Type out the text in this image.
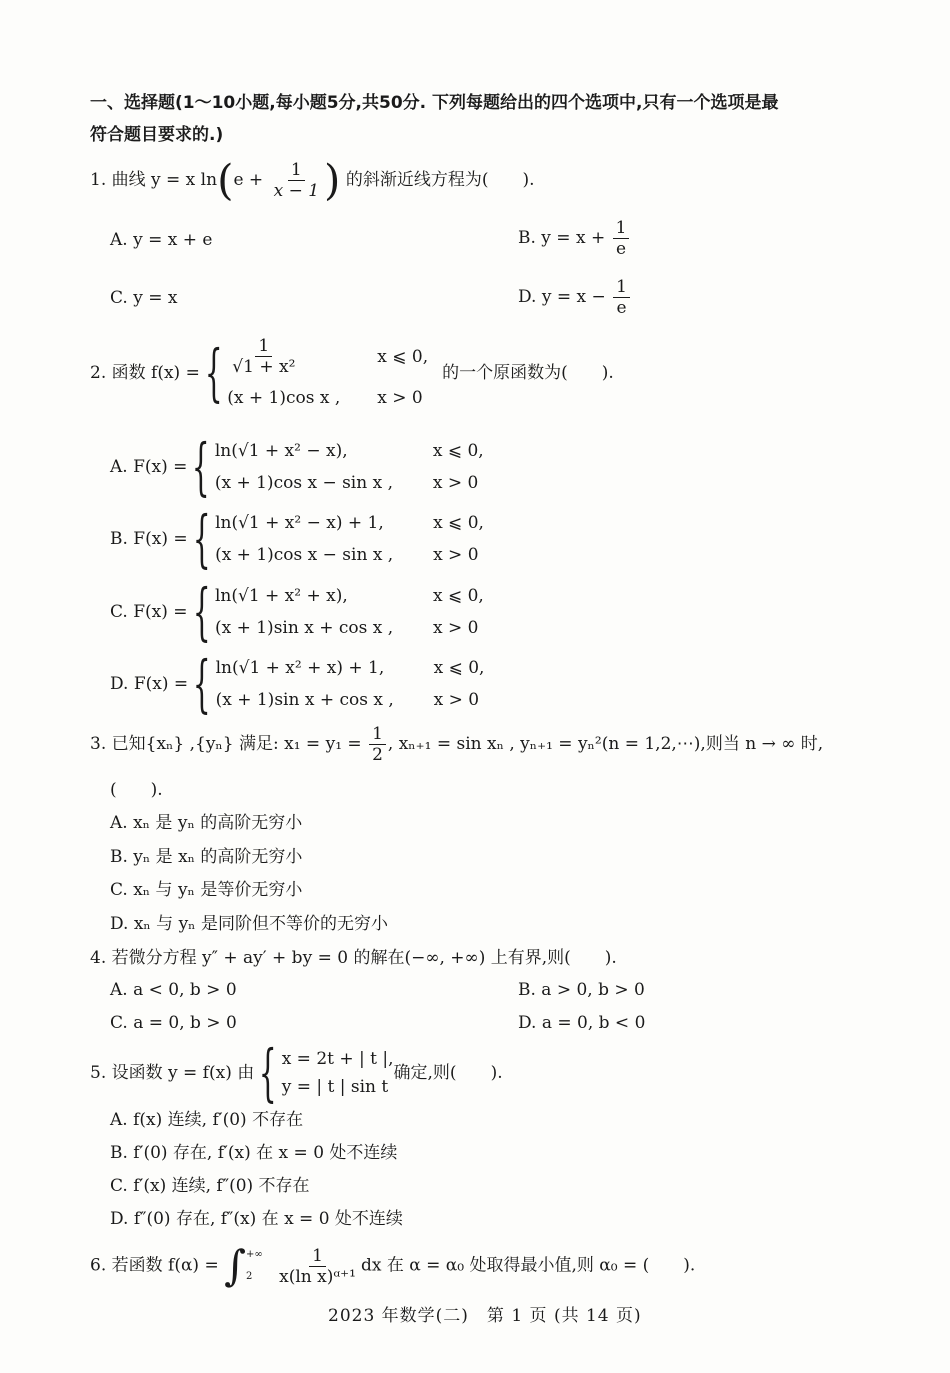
一、选择题(1～10小题,每小题5分,共50分. 下列每题给出的四个选项中,只有一个选项是最
符合题目要求的.)
1. 曲线 y = x $\ln(e + \frac{1}{x - 1}$ ) 的斜渐近线方程为(　　).
A. y = x + e	B. $y = x + \frac{1}{e}$
C. y = x	D. $y = x - \frac{1}{e}$
2. 函数 f(x) = { $\frac{1}{\text{√1 + x²}}$	x ⩽ 0,
(x + 1)cos x ,	x > 0
的一个原函数为(　　).
A. F(x) = { ln(√1 + x² − x),	x ⩽ 0,
(x + 1)cos x − sin x ,	x > 0
B. F(x) = { ln(√1 + x² − x) + 1,	x ⩽ 0,
(x + 1)cos x − sin x ,	x > 0
C. F(x) = { ln(√1 + x² + x),	x ⩽ 0,
(x + 1)sin x + cos x ,	x > 0
D. F(x) = { ln(√1 + x² + x) + 1,	x ⩽ 0,
(x + 1)sin x + cos x ,	x > 0
3. 已知{xₙ} ,{yₙ} 满足: $x_1 = y_1 = \frac{1}{2}$ , xₙ₊₁ = sin xₙ , yₙ₊₁ = yₙ²(n = 1,2,⋯),则当 n → ∞ 时,
(　　).
A. xₙ 是 yₙ 的高阶无穷小
B. yₙ 是 xₙ 的高阶无穷小
C. xₙ 与 yₙ 是等价无穷小
D. xₙ 与 yₙ 是同阶但不等价的无穷小
4. 若微分方程 y″ + ay′ + by = 0 的解在(−∞, +∞) 上有界,则(　　).
A. a < 0, b > 0	B. a > 0, b > 0
C. a = 0, b > 0	D. a = 0, b < 0
5. 设函数 y = f(x) 由 { x = 2t + | t |,
y = | t | sin t
确定,则(　　).
A. f(x) 连续, f′(0) 不存在
B. f′(0) 存在, f′(x) 在 x = 0 处不连续
C. f′(x) 连续, f″(0) 不存在
D. f″(0) 存在, f″(x) 在 x = 0 处不连续
6. 若函数 f(α) = ∫ +∞
2
	$\frac{1}{\text{x(ln x)ᵅ⁺¹}}$ dx 在 α = α₀ 处取得最小值,则 α₀ = (　　).
2023 年数学(二)　第 1 页 (共 14 页)
